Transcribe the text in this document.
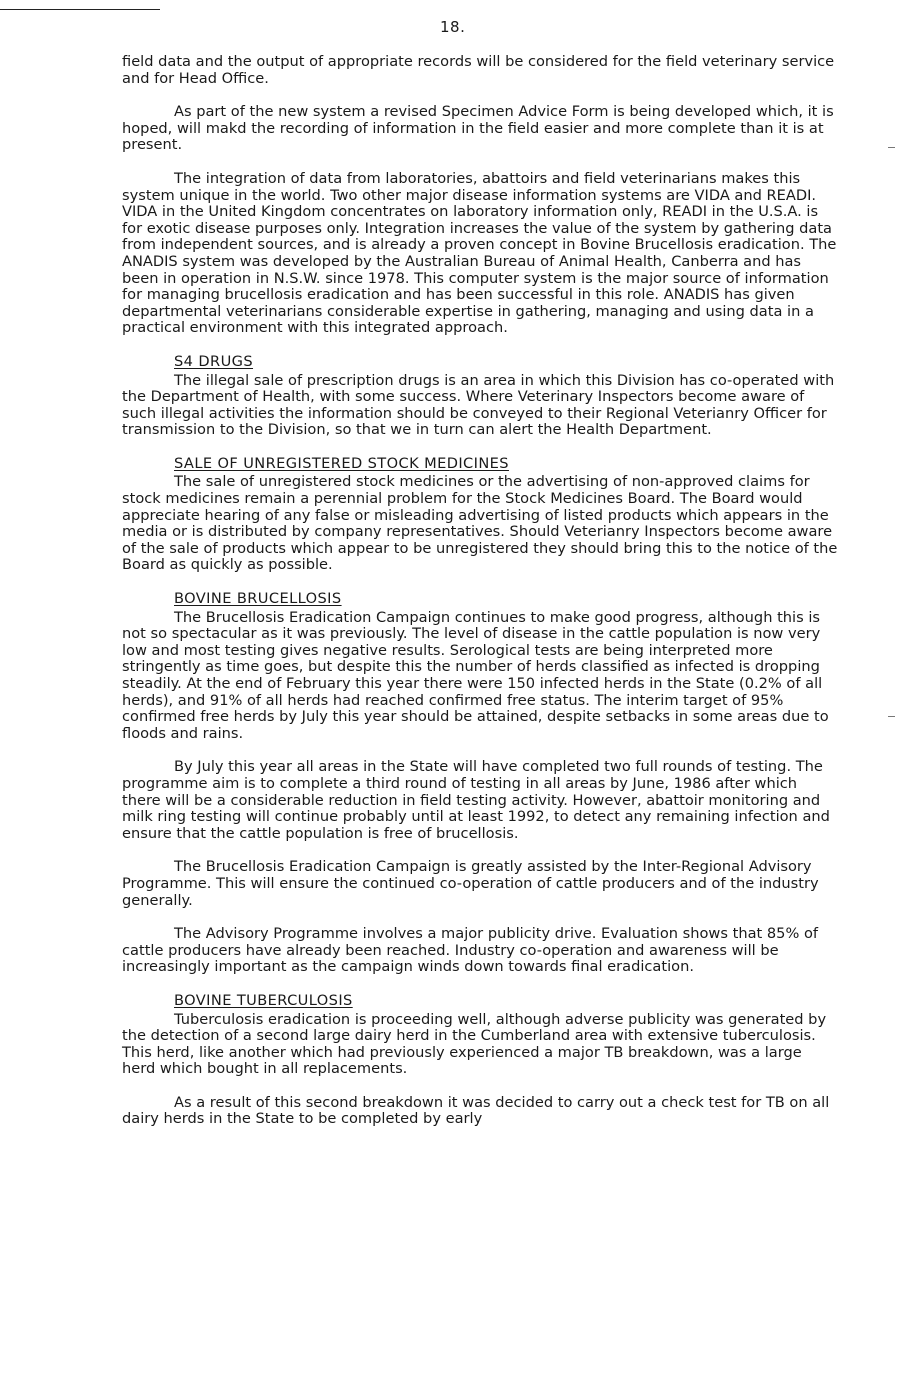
18.

field data and the output of appropriate records will be considered for the field veterinary service and for Head Office.

As part of the new system a revised Specimen Advice Form is being developed which, it is hoped, will makd the recording of information in the field easier and more complete than it is at present.

The integration of data from laboratories, abattoirs and field veterinarians makes this system unique in the world. Two other major disease information systems are VIDA and READI. VIDA in the United Kingdom concentrates on laboratory information only, READI in the U.S.A. is for exotic disease purposes only. Integration increases the value of the system by gathering data from independent sources, and is already a proven concept in Bovine Brucellosis eradication. The ANADIS system was developed by the Australian Bureau of Animal Health, Canberra and has been in operation in N.S.W. since 1978. This computer system is the major source of information for managing brucellosis eradication and has been successful in this role. ANADIS has given departmental veterinarians considerable expertise in gathering, managing and using data in a practical environment with this integrated approach.

S4 DRUGS

The illegal sale of prescription drugs is an area in which this Division has co-operated with the Department of Health, with some success. Where Veterinary Inspectors become aware of such illegal activities the information should be conveyed to their Regional Veterianry Officer for transmission to the Division, so that we in turn can alert the Health Department.

SALE OF UNREGISTERED STOCK MEDICINES

The sale of unregistered stock medicines or the advertising of non-approved claims for stock medicines remain a perennial problem for the Stock Medicines Board. The Board would appreciate hearing of any false or misleading advertising of listed products which appears in the media or is distributed by company representatives. Should Veterianry Inspectors become aware of the sale of products which appear to be unregistered they should bring this to the notice of the Board as quickly as possible.

BOVINE BRUCELLOSIS

The Brucellosis Eradication Campaign continues to make good progress, although this is not so spectacular as it was previously. The level of disease in the cattle population is now very low and most testing gives negative results. Serological tests are being interpreted more stringently as time goes, but despite this the number of herds classified as infected is dropping steadily. At the end of February this year there were 150 infected herds in the State (0.2% of all herds), and 91% of all herds had reached confirmed free status. The interim target of 95% confirmed free herds by July this year should be attained, despite setbacks in some areas due to floods and rains.

By July this year all areas in the State will have completed two full rounds of testing. The programme aim is to complete a third round of testing in all areas by June, 1986 after which there will be a considerable reduction in field testing activity. However, abattoir monitoring and milk ring testing will continue probably until at least 1992, to detect any remaining infection and ensure that the cattle population is free of brucellosis.

The Brucellosis Eradication Campaign is greatly assisted by the Inter-Regional Advisory Programme. This will ensure the continued co-operation of cattle producers and of the industry generally.

The Advisory Programme involves a major publicity drive. Evaluation shows that 85% of cattle producers have already been reached. Industry co-operation and awareness will be increasingly important as the campaign winds down towards final eradication.

BOVINE TUBERCULOSIS

Tuberculosis eradication is proceeding well, although adverse publicity was generated by the detection of a second large dairy herd in the Cumberland area with extensive tuberculosis. This herd, like another which had previously experienced a major TB breakdown, was a large herd which bought in all replacements.

As a result of this second breakdown it was decided to carry out a check test for TB on all dairy herds in the State to be completed by early
